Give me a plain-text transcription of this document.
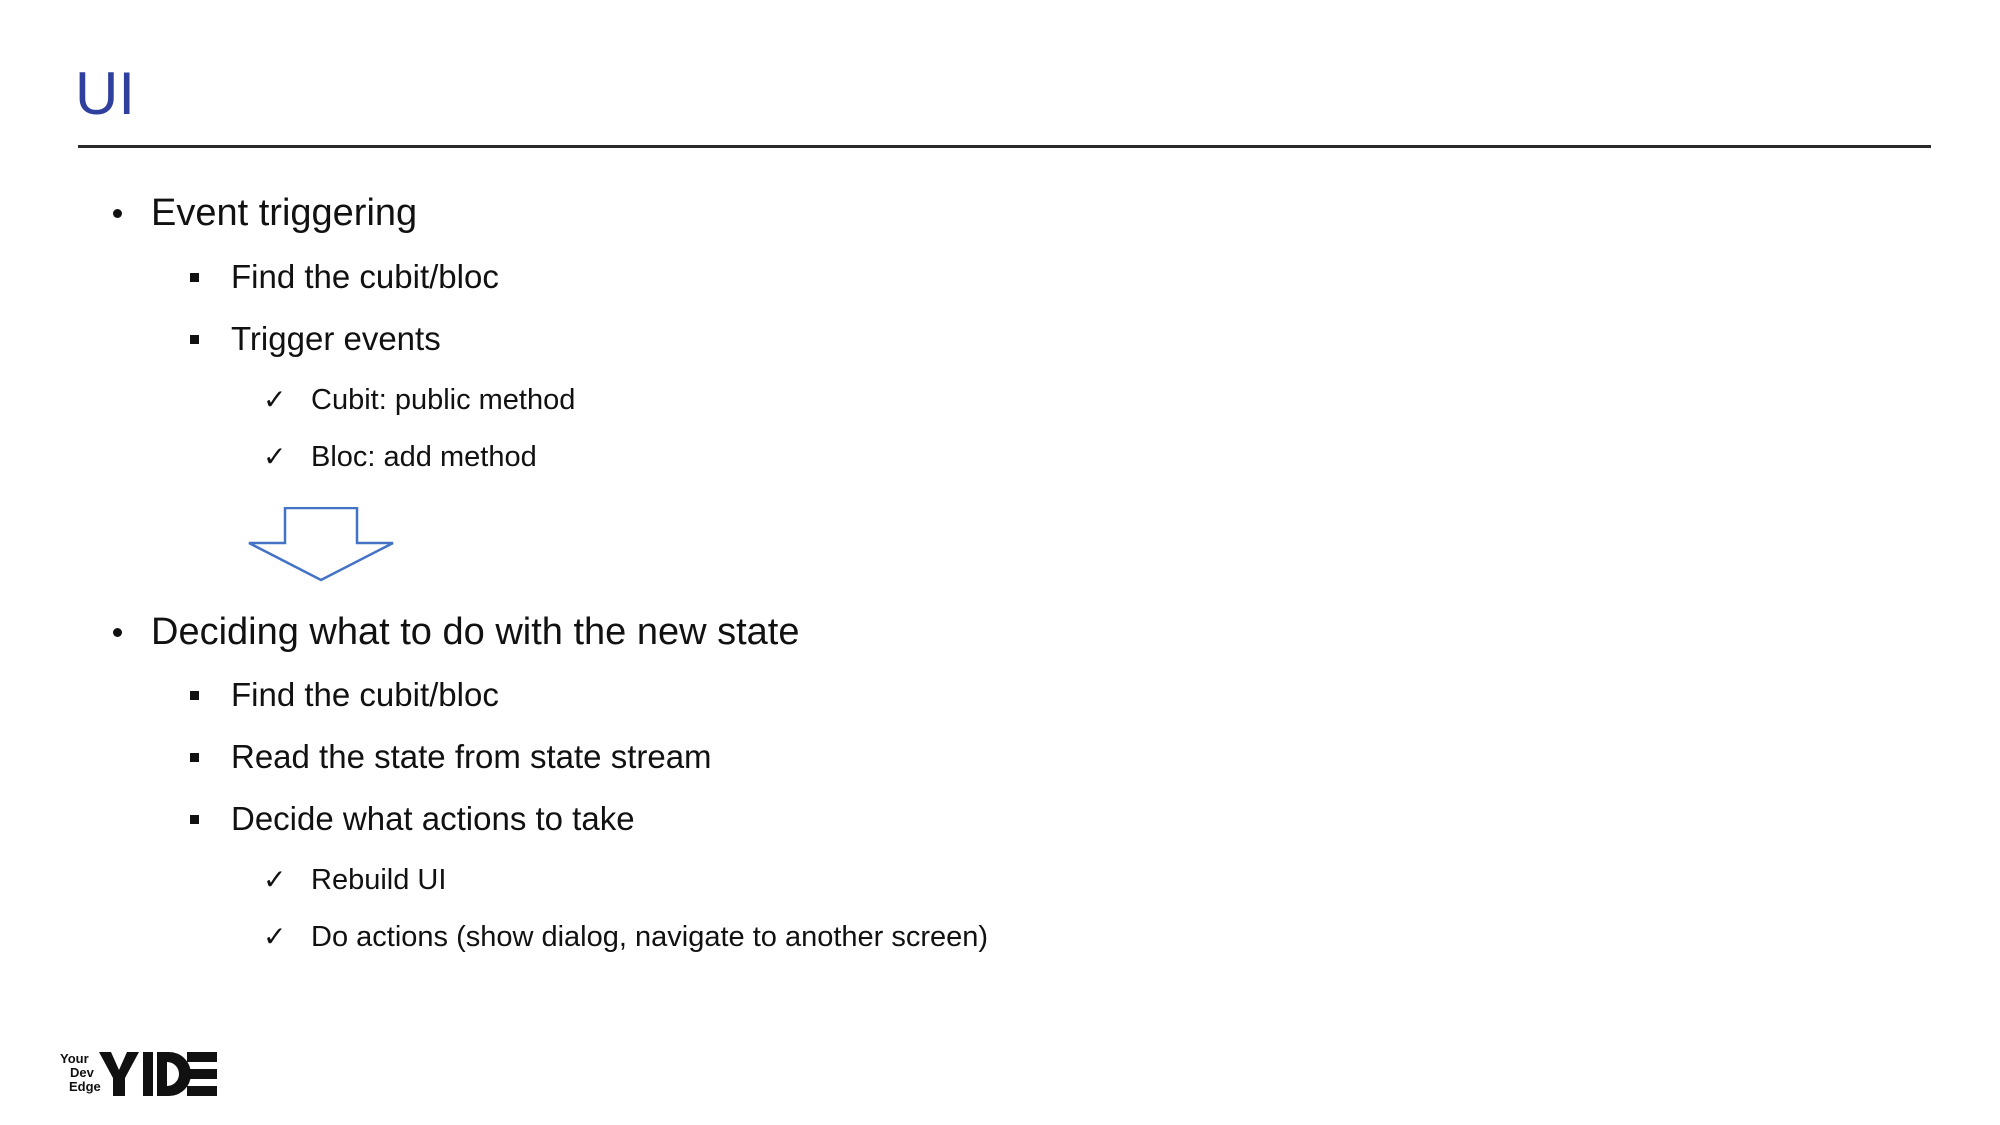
UI
Event triggering
Find the cubit/bloc
Trigger events
✓ Cubit: public method
✓ Bloc: add method
Deciding what to do with the new state
Find the cubit/bloc
Read the state from state stream
Decide what actions to take
✓ Rebuild UI
✓ Do actions (show dialog, navigate to another screen)
Your
Dev
Edge
